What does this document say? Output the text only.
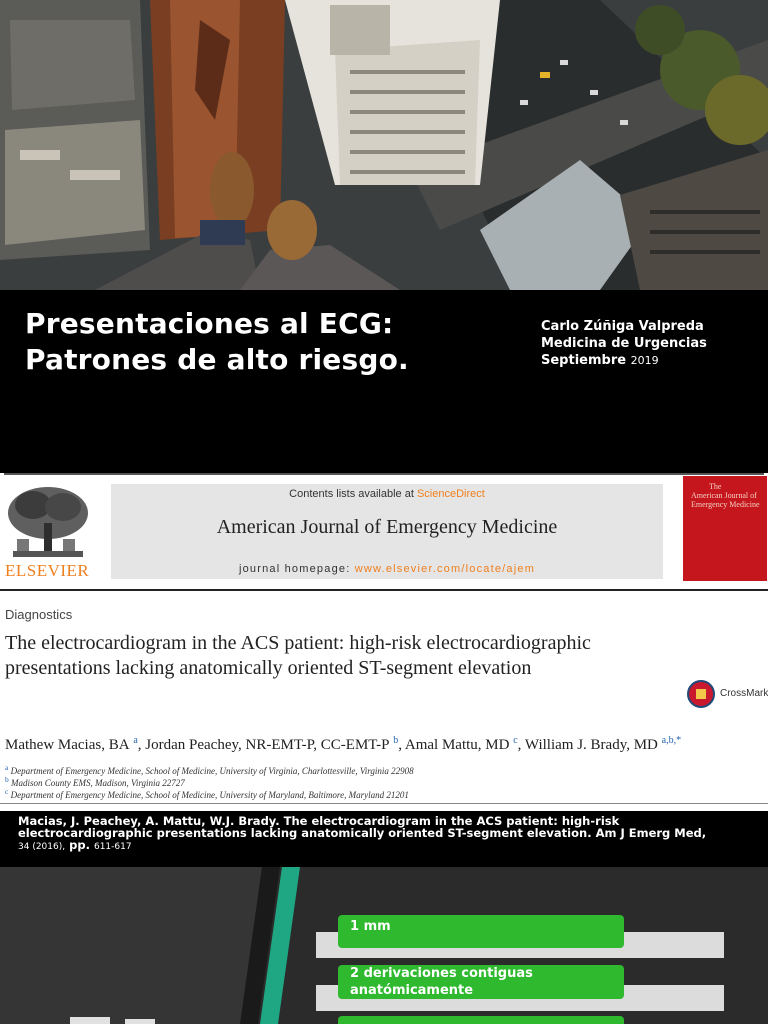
Presentaciones al ECG:
Patrones de alto riesgo.
Carlo Zúñiga Valpreda
Medicina de Urgencias
Septiembre 2019
ELSEVIER
Contents lists available at ScienceDirect
American Journal of Emergency Medicine
journal homepage: www.elsevier.com/locate/ajem
The
American Journal of
Emergency Medicine
Diagnostics
The electrocardiogram in the ACS patient: high-risk electrocardiographic
presentations lacking anatomically oriented ST-segment elevation
CrossMark
Mathew Macias, BA $^a$, Jordan Peachey, NR-EMT-P, CC-EMT-P $^b$, Amal Mattu, MD $^c$, William J. Brady, MD $^{a,b,*}$
$^a$ Department of Emergency Medicine, School of Medicine, University of Virginia, Charlottesville, Virginia 22908
$^b$ Madison County EMS, Madison, Virginia 22727
$^c$ Department of Emergency Medicine, School of Medicine, University of Maryland, Baltimore, Maryland 21201
Macias, J. Peachey, A. Mattu, W.J. Brady. The electrocardiogram in the ACS patient: high-risk electrocardiographic presentations lacking anatomically oriented ST-segment elevation. Am J Emerg Med, 34 (2016), pp. 611-617
1 mm
2 derivaciones contiguas anatómicamente
